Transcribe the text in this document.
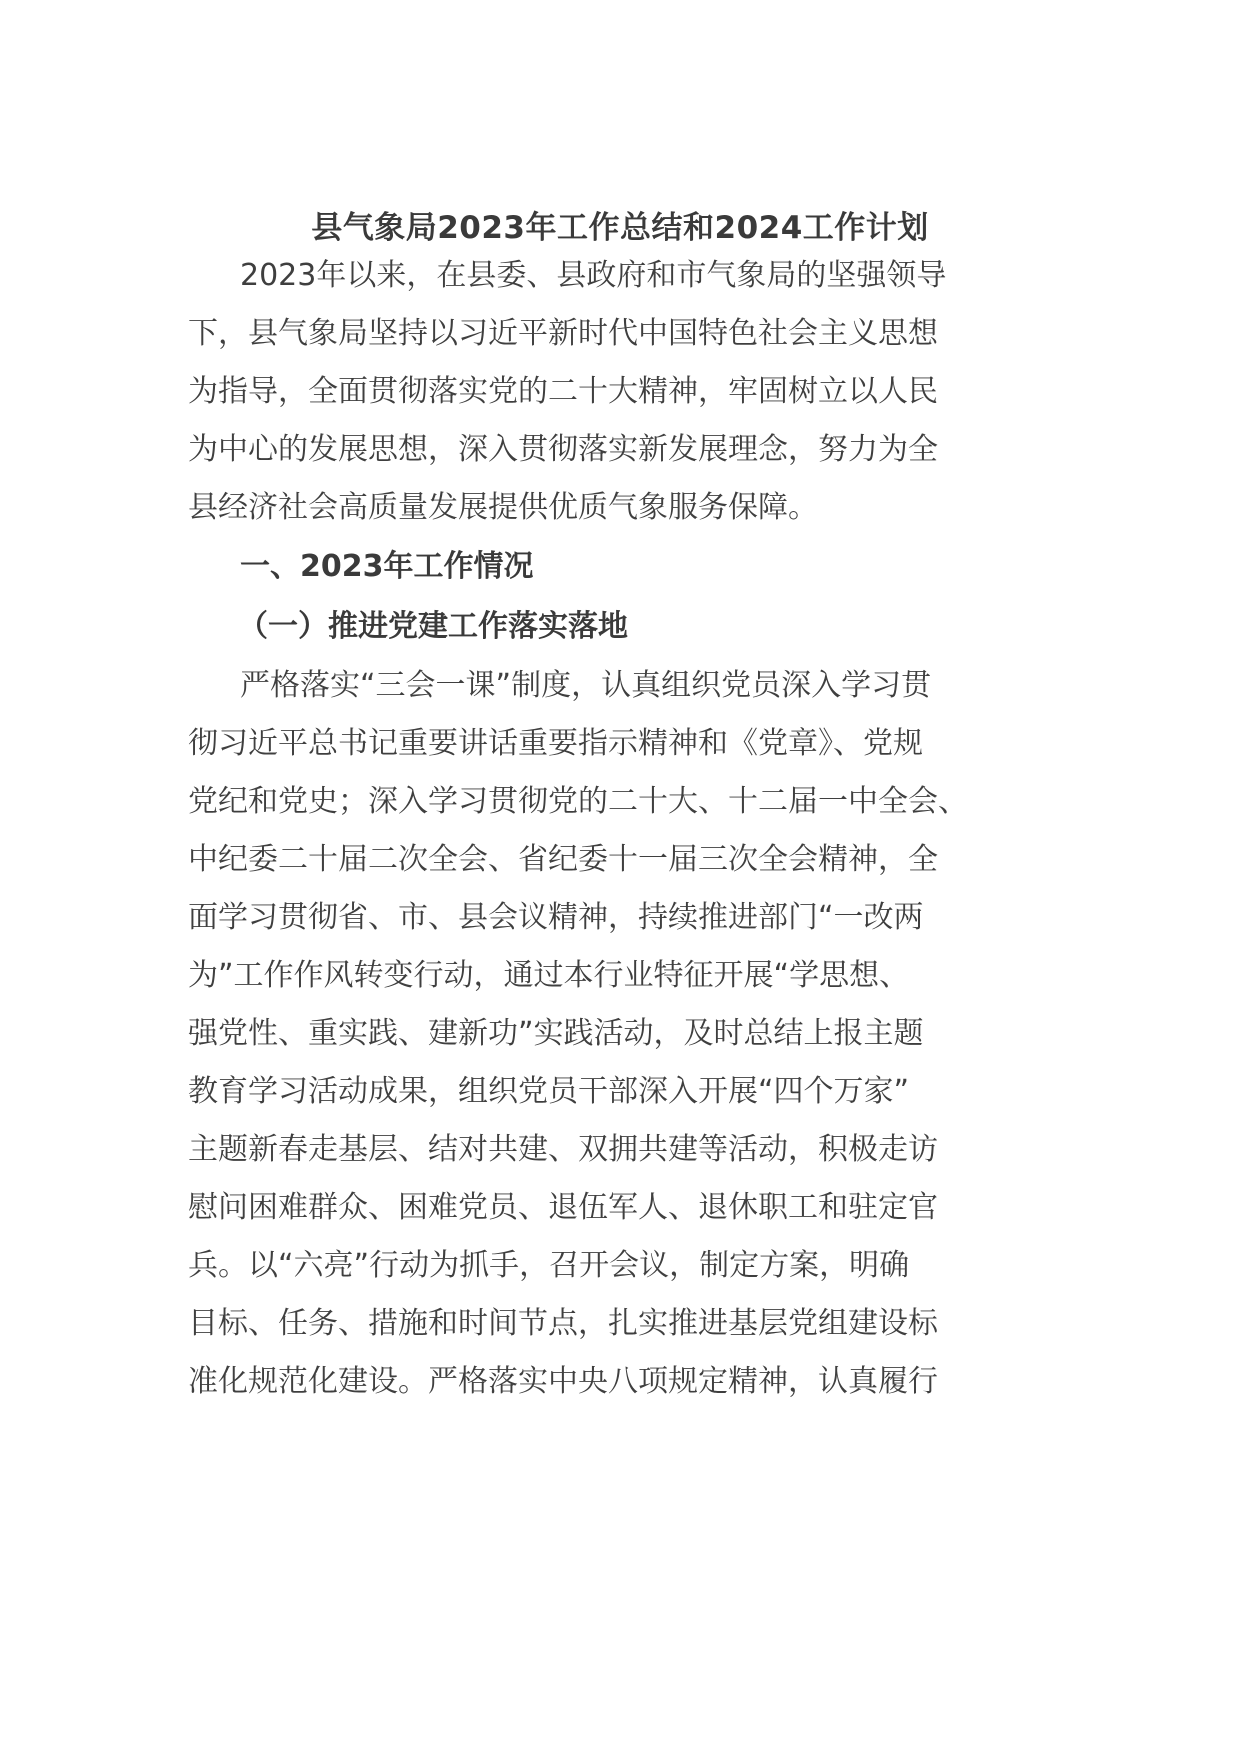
县气象局2023年工作总结和2024工作计划
2023年以来，在县委、县政府和市气象局的坚强领导
下，县气象局坚持以习近平新时代中国特色社会主义思想
为指导，全面贯彻落实党的二十大精神，牢固树立以人民
为中心的发展思想，深入贯彻落实新发展理念，努力为全
县经济社会高质量发展提供优质气象服务保障。
一、2023年工作情况
（一）推进党建工作落实落地
严格落实“三会一课”制度，认真组织党员深入学习贯
彻习近平总书记重要讲话重要指示精神和《党章》、党规
党纪和党史；深入学习贯彻党的二十大、十二届一中全会、
中纪委二十届二次全会、省纪委十一届三次全会精神，全
面学习贯彻省、市、县会议精神，持续推进部门“一改两
为”工作作风转变行动，通过本行业特征开展“学思想、
强党性、重实践、建新功”实践活动，及时总结上报主题
教育学习活动成果，组织党员干部深入开展“四个万家”
主题新春走基层、结对共建、双拥共建等活动，积极走访
慰问困难群众、困难党员、退伍军人、退休职工和驻定官
兵。以“六亮”行动为抓手，召开会议，制定方案，明确
目标、任务、措施和时间节点，扎实推进基层党组建设标
准化规范化建设。严格落实中央八项规定精神，认真履行
